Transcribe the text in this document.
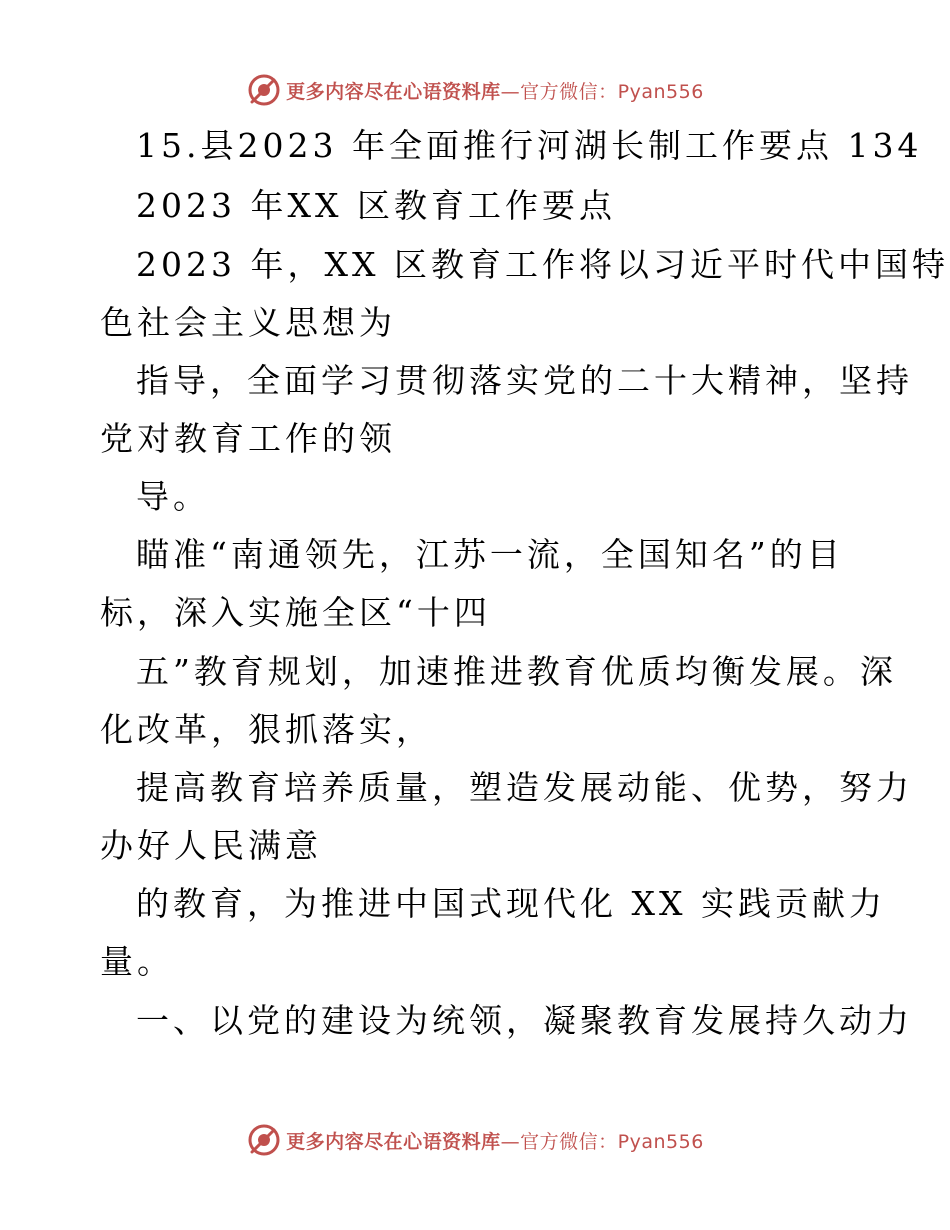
更多内容尽在心语资料库—官方微信：Pyan556
15.县2023 年全面推行河湖长制工作要点 134
2023 年XX 区教育工作要点
2023 年，XX 区教育工作将以习近平时代中国特
色社会主义思想为
指导，全面学习贯彻落实党的二十大精神，坚持
党对教育工作的领
导。
瞄准“南通领先，江苏一流，全国知名”的目
标，深入实施全区“十四
五”教育规划，加速推进教育优质均衡发展。深
化改革，狠抓落实，
提高教育培养质量，塑造发展动能、优势，努力
办好人民满意
的教育，为推进中国式现代化 XX 实践贡献力
量。
一、以党的建设为统领，凝聚教育发展持久动力
更多内容尽在心语资料库—官方微信：Pyan556
